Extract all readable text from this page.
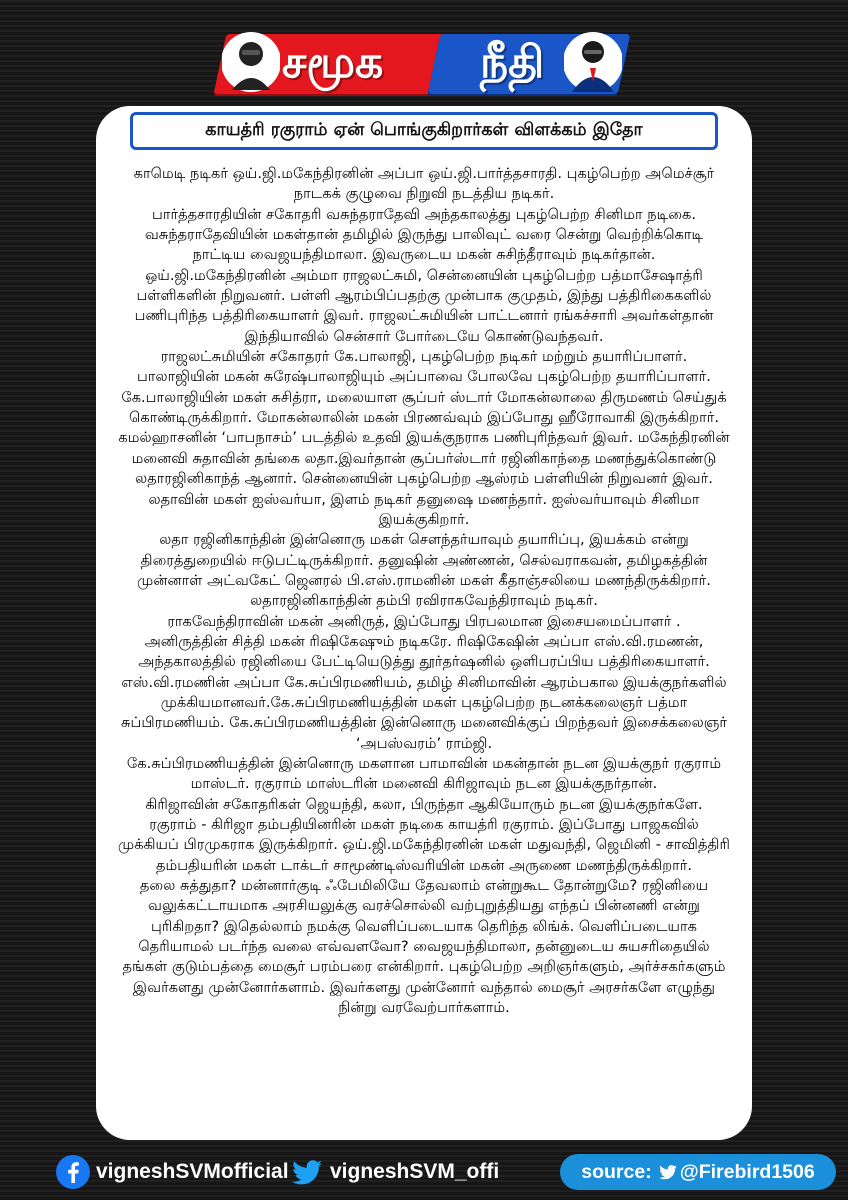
சமூக நீதி
காயத்ரி ரகுராம் ஏன் பொங்குகிறார்கள் விளக்கம் இதோ

காமெடி நடிகர் ஒய்.ஜி.மகேந்திரனின் அப்பா ஒய்.ஜி.பார்த்தசாரதி. புகழ்பெற்ற அமெச்சூர் நாடகக் குழுவை நிறுவி நடத்திய நடிகர்.

பார்த்தசாரதியின் சகோதரி வசுந்தராதேவி அந்தகாலத்து புகழ்பெற்ற சினிமா நடிகை. வசுந்தராதேவியின் மகள்தான் தமிழில் இருந்து பாலிவுட் வரை சென்று வெற்றிக்கொடி நாட்டிய வைஜயந்திமாலா. இவருடைய மகன் சுசிந்தீராவும் நடிகர்தான்.

ஒய்.ஜி.மகேந்திரனின் அம்மா ராஜலட்சுமி, சென்னையின் புகழ்பெற்ற பத்மாசேஷாத்ரி பள்ளிகளின் நிறுவனர். பள்ளி ஆரம்பிப்பதற்கு முன்பாக குமுதம், இந்து பத்திரிகைகளில் பணிபுரிந்த பத்திரிகையாளர் இவர். ராஜலட்சுமியின் பாட்டனார் ரங்கச்சாரி அவர்கள்தான் இந்தியாவில் சென்சார் போர்டையே கொண்டுவந்தவர்.

ராஜலட்சுமியின் சகோதரர் கே.பாலாஜி, புகழ்பெற்ற நடிகர் மற்றும் தயாரிப்பாளர்.

பாலாஜியின் மகன் சுரேஷ்பாலாஜியும் அப்பாவை போலவே புகழ்பெற்ற தயாரிப்பாளர்.

கே.பாலாஜியின் மகள் சுசித்ரா, மலையாள சூப்பர் ஸ்டார் மோகன்லாலை திருமணம் செய்துக் கொண்டிருக்கிறார். மோகன்லாலின் மகன் பிரணவ்வும் இப்போது ஹீரோவாகி இருக்கிறார். கமல்ஹாசனின் ‘பாபநாசம்’ படத்தில் உதவி இயக்குநராக பணிபுரிந்தவர் இவர். மகேந்திரனின் மனைவி சுதாவின் தங்கை லதா.இவர்தான் சூப்பர்ஸ்டார் ரஜினிகாந்தை மணந்துக்கொண்டு லதாரஜினிகாந்த் ஆனார். சென்னையின் புகழ்பெற்ற ஆஸ்ரம் பள்ளியின் நிறுவனர் இவர்.

லதாவின் மகள் ஐஸ்வர்யா, இளம் நடிகர் தனுஷை மணந்தார். ஐஸ்வர்யாவும் சினிமா இயக்குகிறார்.

லதா ரஜினிகாந்தின் இன்னொரு மகள் சௌந்தர்யாவும் தயாரிப்பு, இயக்கம் என்று திரைத்துறையில் ஈடுபட்டிருக்கிறார். தனுஷின் அண்ணன், செல்வராகவன், தமிழகத்தின் முன்னாள் அட்வகேட் ஜெனரல் பி.எஸ்.ராமனின் மகள் கீதாஞ்சலியை மணந்திருக்கிறார்.

லதாரஜினிகாந்தின் தம்பி ரவிராகவேந்திராவும் நடிகர்.

ராகவேந்திராவின் மகன் அனிருத், இப்போது பிரபலமான இசையமைப்பாளர் .

அனிருத்தின் சித்தி மகன் ரிஷிகேஷும் நடிகரே. ரிஷிகேஷின் அப்பா எஸ்.வி.ரமணன், அந்தகாலத்தில் ரஜினியை பேட்டியெடுத்து தூர்தர்ஷனில் ஒளிபரப்பிய பத்திரிகையாளர். எஸ்.வி.ரமணின் அப்பா கே.சுப்பிரமணியம், தமிழ் சினிமாவின் ஆரம்பகால இயக்குநர்களில் முக்கியமானவர்.கே.சுப்பிரமணியத்தின் மகள் புகழ்பெற்ற நடனக்கலைஞர் பத்மா சுப்பிரமணியம். கே.சுப்பிரமணியத்தின் இன்னொரு மனைவிக்குப் பிறந்தவர் இசைக்கலைஞர் ‘அபஸ்வரம்’ ராம்ஜி.

கே.சுப்பிரமணியத்தின் இன்னொரு மகளான பாமாவின் மகன்தான் நடன இயக்குநர் ரகுராம் மாஸ்டர். ரகுராம் மாஸ்டரின் மனைவி கிரிஜாவும் நடன இயக்குநர்தான்.

கிரிஜாவின் சகோதரிகள் ஜெயந்தி, கலா, பிருந்தா ஆகியோரும் நடன இயக்குநர்களே.

ரகுராம் - கிரிஜா தம்பதியினரின் மகள் நடிகை காயத்ரி ரகுராம். இப்போது பாஜகவில் முக்கியப் பிரமுகராக இருக்கிறார். ஒய்.ஜி.மகேந்திரனின் மகள் மதுவந்தி, ஜெமினி - சாவித்திரி தம்பதியரின் மகள் டாக்டர் சாமூண்டிஸ்வரியின் மகன் அருணை மணந்திருக்கிறார்.

தலை சுத்துதா? மன்னார்குடி ஃபேமிலியே தேவலாம் என்றுகூட தோன்றுமே? ரஜினியை வலுக்கட்டாயமாக அரசியலுக்கு வரச்சொல்லி வற்புறுத்தியது எந்தப் பின்னணி என்று புரிகிறதா? இதெல்லாம் நமக்கு வெளிப்படையாக தெரிந்த லிங்க். வெளிப்படையாக தெரியாமல் படர்ந்த வலை எவ்வளவோ? வைஜயந்திமாலா, தன்னுடைய சுயசரிதையில் தங்கள் குடும்பத்தை மைசூர் பரம்பரை என்கிறார். புகழ்பெற்ற அறிஞர்களும், அர்ச்சகர்களும் இவர்களது முன்னோர்களாம். இவர்களது முன்னோர் வந்தால் மைசூர் அரசர்களே எழுந்து நின்று வரவேற்பார்களாம்.

vigneshSVMofficial vigneshSVM_offi	source: @Firebird1506
